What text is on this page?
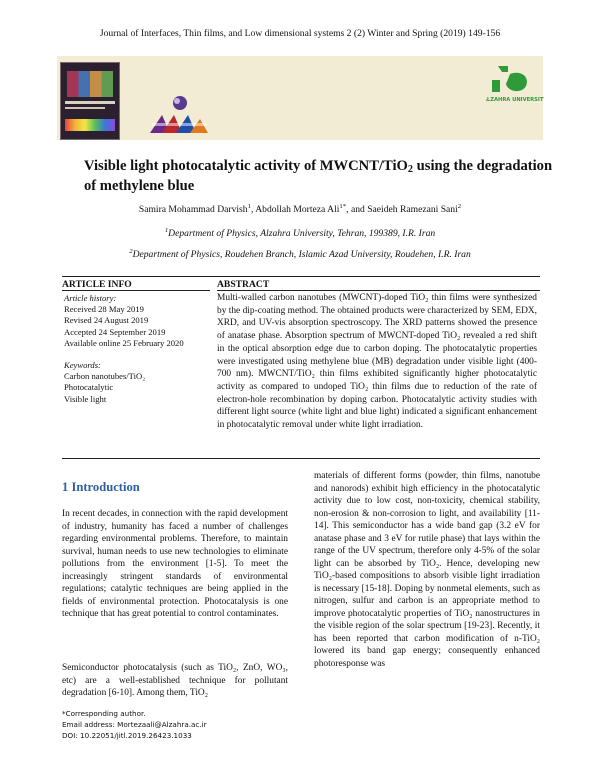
Journal of Interfaces, Thin films, and Low dimensional systems 2 (2) Winter and Spring (2019) 149-156
ALZAHRA UNIVERSITY
Visible light photocatalytic activity of MWCNT/TiO$_2$ using the degradation of methylene blue
Samira Mohammad Darvish$^1$, Abdollah Morteza Ali$^{1*}$, and Saeideh Ramezani Sani$^2$
$^1$Department of Physics, Alzahra University, Tehran, 199389, I.R. Iran
$^2$Department of Physics, Roudehen Branch, Islamic Azad University, Roudehen, I.R. Iran
ARTICLE INFO	ABSTRACT
Article history:
Received 28 May 2019
Revised 24 August 2019
Accepted 24 September 2019
Available online 25 February 2020
Keywords:
Carbon nanotubes/TiO₂
Photocatalytic
Visible light
Multi-walled carbon nanotubes (MWCNT)-doped TiO₂ thin films were synthesized by the dip-coating method. The obtained products were characterized by SEM, EDX, XRD, and UV-vis absorption spectroscopy. The XRD patterns showed the presence of anatase phase. Absorption spectrum of MWCNT-doped TiO₂ revealed a red shift in the optical absorption edge due to carbon doping. The photocatalytic properties were investigated using methylene blue (MB) degradation under visible light (400-700 nm). MWCNT/TiO₂ thin films exhibited significantly higher photocatalytic activity as compared to undoped TiO₂ thin films due to reduction of the rate of electron-hole recombination by doping carbon. Photocatalytic activity studies with different light source (white light and blue light) indicated a significant enhancement in photocatalytic removal under white light irradiation.
1 Introduction
In recent decades, in connection with the rapid development of industry, humanity has faced a number of challenges regarding environmental problems. Therefore, to maintain survival, human needs to use new technologies to eliminate pollutions from the environment [1-5]. To meet the increasingly stringent standards of environmental regulations; catalytic techniques are being applied in the fields of environmental protection. Photocatalysis is one technique that has great potential to control contaminates.
Semiconductor photocatalysis (such as TiO₂, ZnO, WO₃, etc) are a well-established technique for pollutant degradation [6-10]. Among them, TiO₂
materials of different forms (powder, thin films, nanotube and nanorods) exhibit high efficiency in the photocatalytic activity due to low cost, non-toxicity, chemical stability, non-erosion & non-corrosion to light, and availability [11-14]. This semiconductor has a wide band gap (3.2 eV for anatase phase and 3 eV for rutile phase) that lays within the range of the UV spectrum, therefore only 4-5% of the solar light can be absorbed by TiO₂. Hence, developing new TiO₂-based compositions to absorb visible light irradiation is necessary [15-18]. Doping by nonmetal elements, such as nitrogen, sulfur and carbon is an appropriate method to improve photocatalytic properties of TiO₂ nanostructures in the visible region of the solar spectrum [19-23]. Recently, it has been reported that carbon modification of n-TiO₂ lowered its band gap energy; consequently enhanced photoresponse was
*Corresponding author.
Email address: Mortezaali@Alzahra.ac.ir
DOI: 10.22051/jitl.2019.26423.1033
